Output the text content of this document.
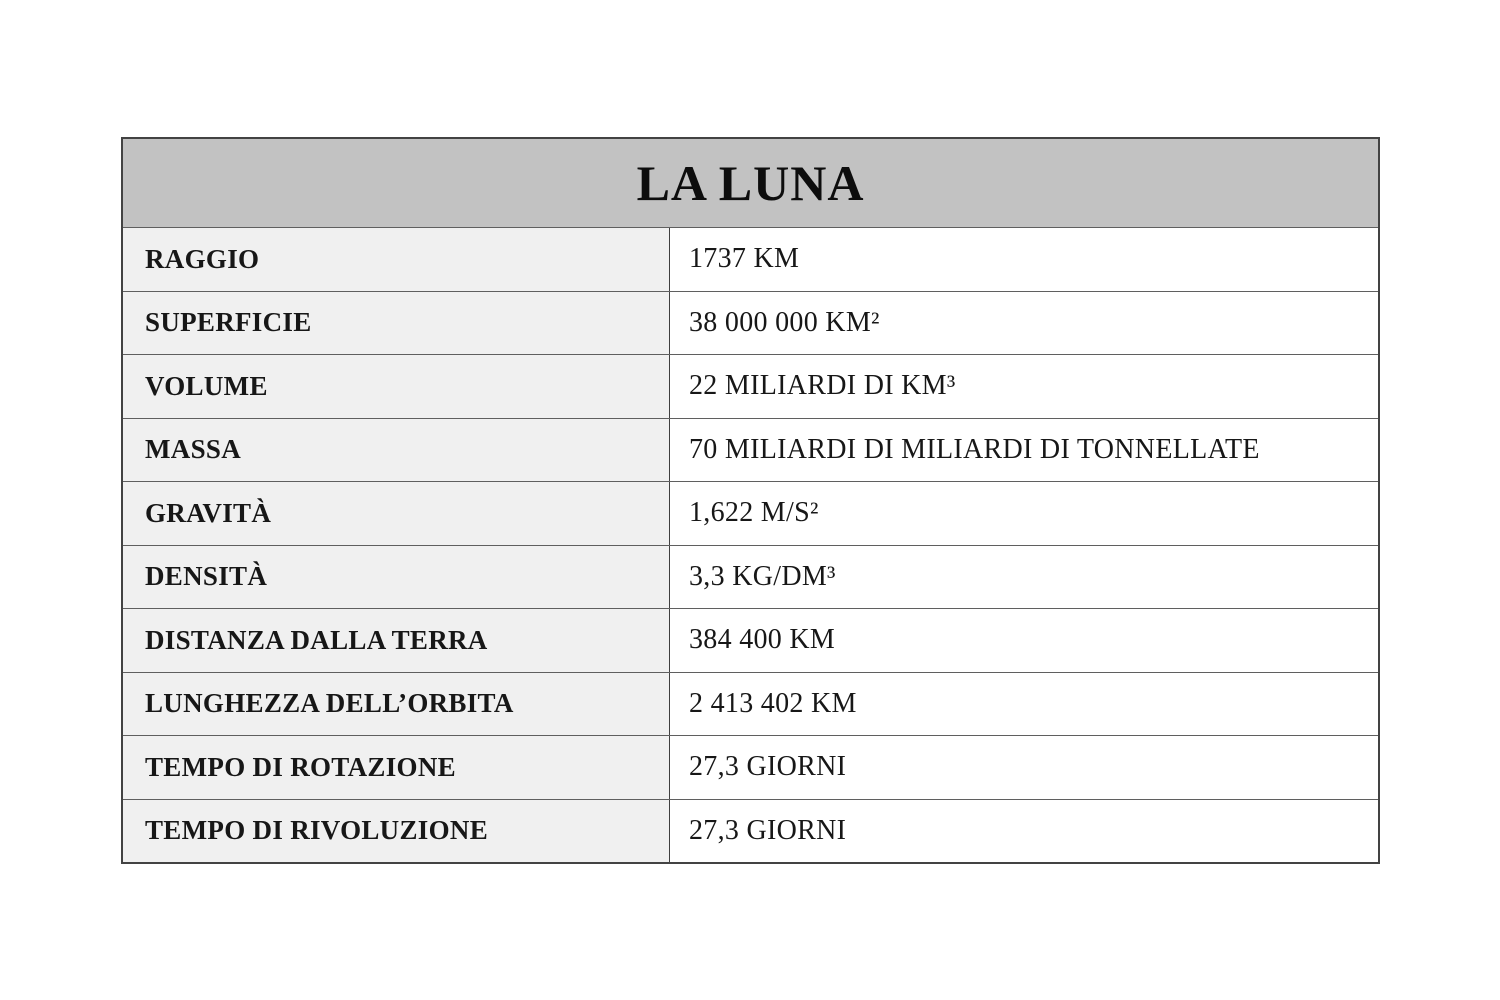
LA LUNA
RAGGIO	1737 KM
SUPERFICIE	38 000 000 KM²
VOLUME	22 MILIARDI DI KM³
MASSA	70 MILIARDI DI MILIARDI DI TONNELLATE
GRAVITÀ	1,622 M/S²
DENSITÀ	3,3 KG/DM³
DISTANZA DALLA TERRA	384 400 KM
LUNGHEZZA DELL’ORBITA	2 413 402 KM
TEMPO DI ROTAZIONE	27,3 GIORNI
TEMPO DI RIVOLUZIONE	27,3 GIORNI
